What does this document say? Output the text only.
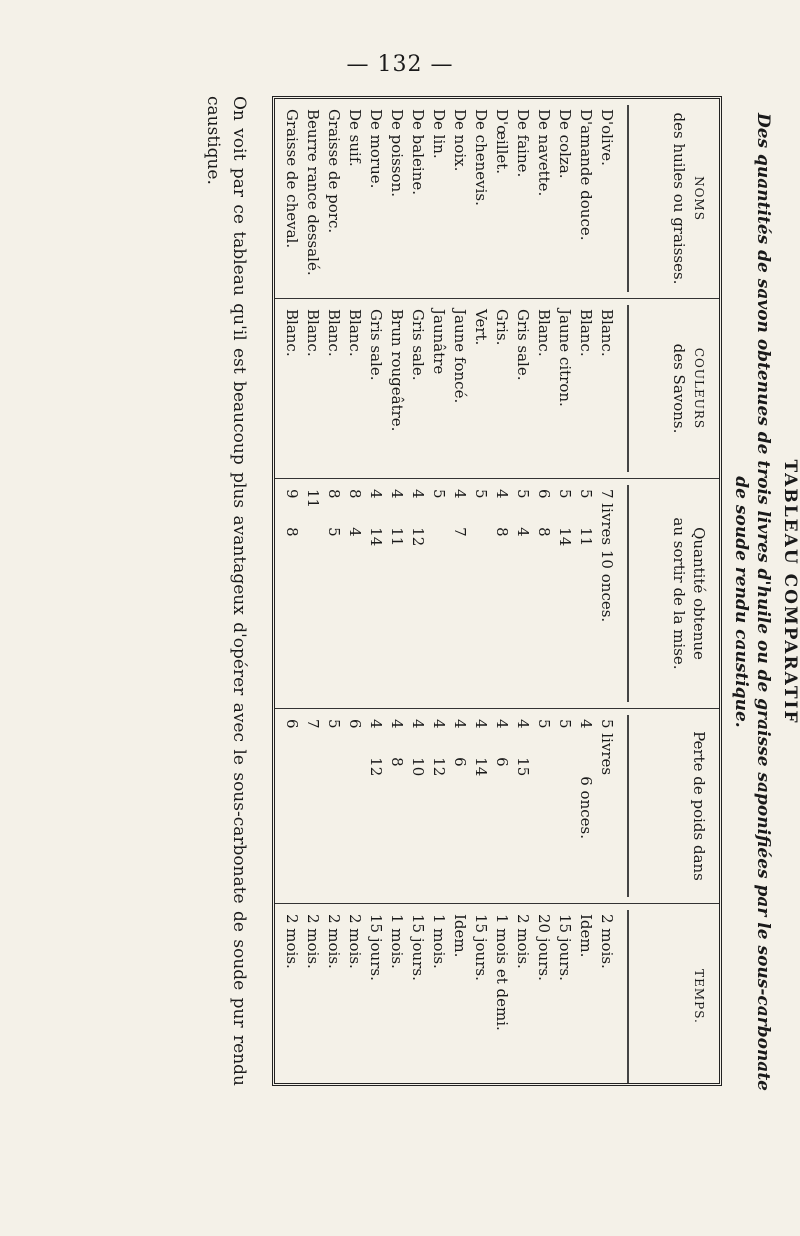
— 132 —
TABLEAU COMPARATIF
Des quantités de savon obtenues de trois livres d'huile ou de graisse saponifiées par le sous-carbonate de soude rendu caustique.
NOMS
des huiles ou graisses.
D'olive.
D'amande douce.
De colza.
De navette.
De faine.
D'œillet.
De chenevis.
De noix.
De lin.
De baleine.
De poisson.
De morue.
De suif.
Graisse de porc.
Beurre rance dessalé.
Graisse de cheval.
COULEURS
des Savons.
Blanc.
Blanc.
Jaune citron.
Blanc.
Gris sale.
Gris.
Vert.
Jaune foncé.
Jaunâtre
Gris sale.
Brun rougeâtre.
Gris sale.
Blanc.
Blanc.
Blanc.
Blanc.
Quantité obtenue
au sortir de la mise.
7 livres 10 onces.
5      11
5      14
6      8
5      4
4      8
5
4      7
5
4      12
4      11
4      14
8      4
8      5
11
9      8
Perte de poids dans
5 livres
4          6 onces.
5
5
4      15
4      6
4      14
4      6
4      12
4      10
4      8
4      12
6
5
7
6
TEMPS.
2 mois.
Idem.
15 jours.
20 jours.
2 mois.
1 mois et demi.
15 jours.
Idem.
1 mois.
15 jours.
1 mois.
15 jours.
2 mois.
2 mois.
2 mois.
2 mois.
On voit par ce tableau qu'il est beaucoup plus avantageux d'opérer avec le sous-carbonate de soude pur rendu caustique.
